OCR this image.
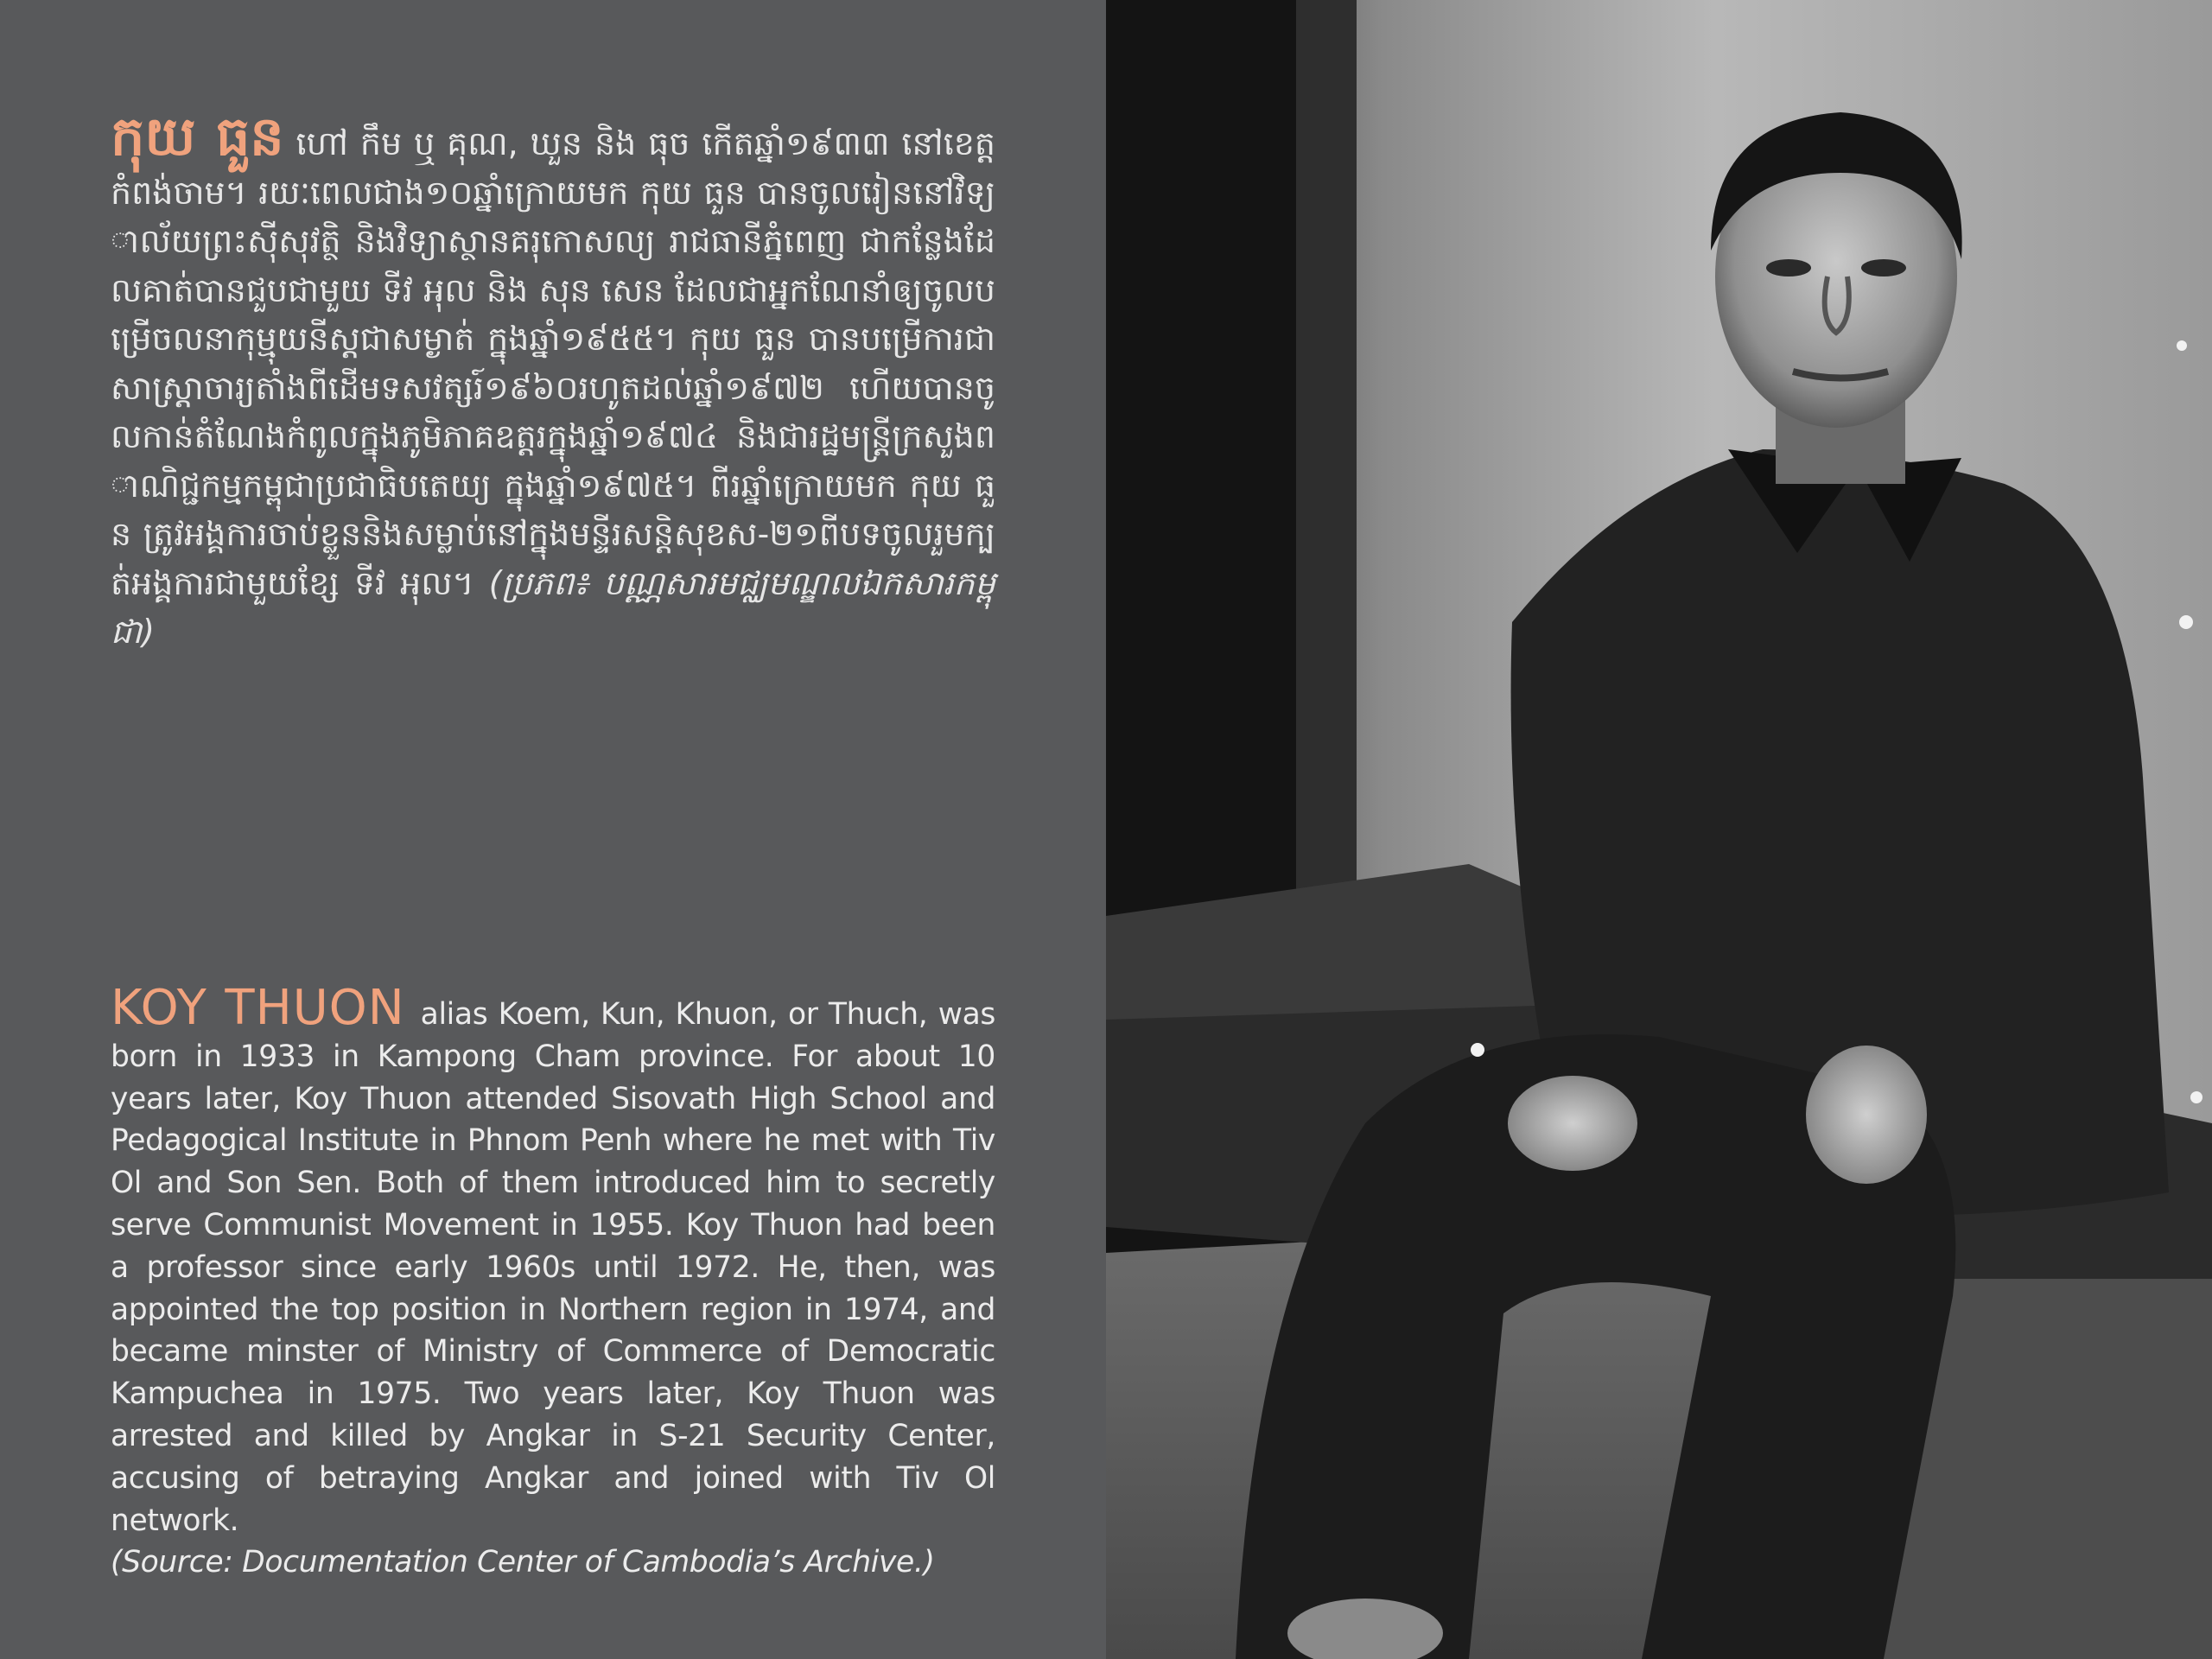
កុយ ធួន ហៅ កឹម ឬ គុណ, ឃួន និង ធុច កើតឆ្នាំ១៩៣៣ នៅខេត្តកំពង់ចាម។ រយៈពេលជាង១០ឆ្នាំក្រោយមក កុយ ធួន បានចូលរៀននៅវិទ្យាល័យព្រះស៊ីសុវត្ថិ និងវិទ្យាស្ថានគរុកោសល្យ រាជធានីភ្នំពេញ ជាកន្លែងដែលគាត់បានជួបជាមួយ ទីវ អុល និង សុន សេន ដែលជាអ្នកណែនាំឲ្យចូលបម្រើចលនាកុម្មុយនីស្តជាសម្ងាត់ ក្នុងឆ្នាំ១៩៥៥។ កុយ ធួន បានបម្រើការជាសាស្ត្រាចារ្យតាំងពីដើមទសវត្សរ៍១៩៦០រហូតដល់ឆ្នាំ១៩៧២ ហើយបានចូលកាន់តំណែងកំពូលក្នុងភូមិភាគឧត្តរក្នុងឆ្នាំ១៩៧៤ និងជារដ្ឋមន្ត្រីក្រសួងពាណិជ្ជកម្មកម្ពុជាប្រជាធិបតេយ្យ ក្នុងឆ្នាំ១៩៧៥។ ពីរឆ្នាំក្រោយមក កុយ ធួន ត្រូវអង្គការចាប់ខ្លួននិងសម្លាប់នៅក្នុងមន្ទីរសន្តិសុខស-២១ពីបទចូលរួមក្បត់អង្គការជាមួយខ្សែ ទីវ អុល។ (ប្រភព៖ បណ្ណសារមជ្ឈមណ្ឌលឯកសារកម្ពុជា)
KOY THUON alias Koem, Kun, Khuon, or Thuch, was born in 1933 in Kampong Cham province. For about 10 years later, Koy Thuon attended Sisovath High School and Pedagogical Institute in Phnom Penh where he met with Tiv Ol and Son Sen. Both of them introduced him to secretly serve Communist Movement in 1955. Koy Thuon had been a professor since early 1960s until 1972. He, then, was appointed the top position in Northern region in 1974, and became minster of Ministry of Commerce of Democratic Kampuchea in 1975. Two years later, Koy Thuon was arrested and killed by Angkar in S-21 Security Center, accusing of betraying Angkar and joined with Tiv Ol network.
(Source: Documentation Center of Cambodia’s Archive.)
